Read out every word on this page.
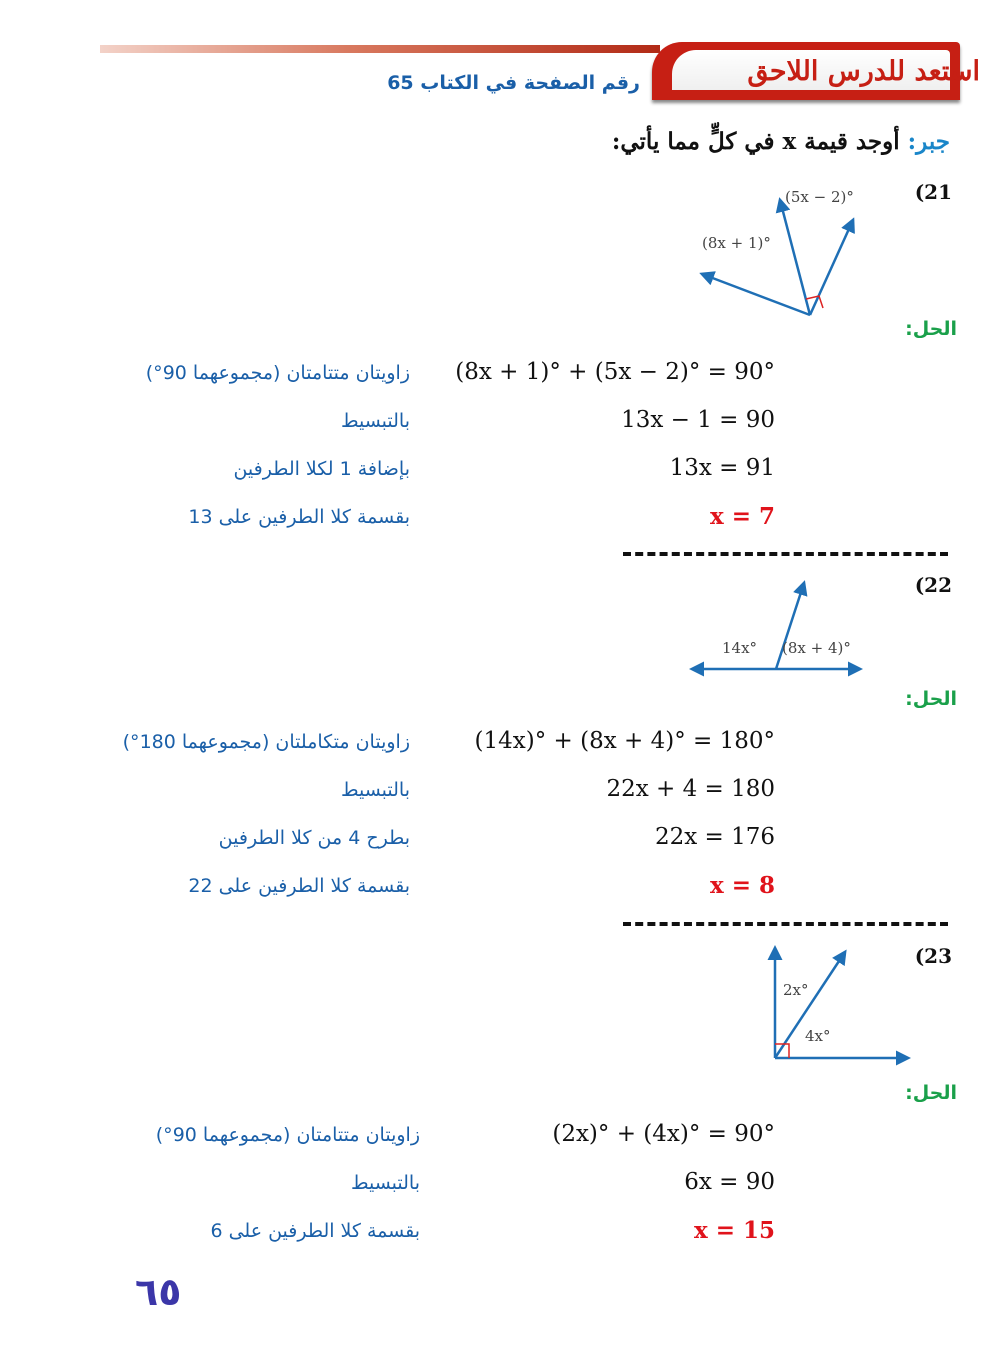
استعد للدرس اللاحق
رقم الصفحة في الكتاب 65
جبر: أوجد قيمة x في كلٍّ مما يأتي:
(21
(5x − 2)°
(8x + 1)°
الحل:
(8x + 1)° + (5x − 2)° = 90°
زاويتان متتامتان (مجموعهما 90°)
13x − 1 = 90
بالتبسيط
13x = 91
بإضافة 1 لكلا الطرفين
x = 7
بقسمة كلا الطرفين على 13
(22
14x° (8x + 4)°
الحل:
(14x)° + (8x + 4)° = 180°
زاويتان متكاملتان (مجموعهما 180°)
22x + 4 = 180
بالتبسيط
22x = 176
بطرح 4 من كلا الطرفين
x = 8
بقسمة كلا الطرفين على 22
(23
2x°
4x°
الحل:
(2x)° + (4x)° = 90°
زاويتان متتامتان (مجموعهما 90°)
6x = 90
بالتبسيط
x = 15
بقسمة كلا الطرفين على 6
٦٥
